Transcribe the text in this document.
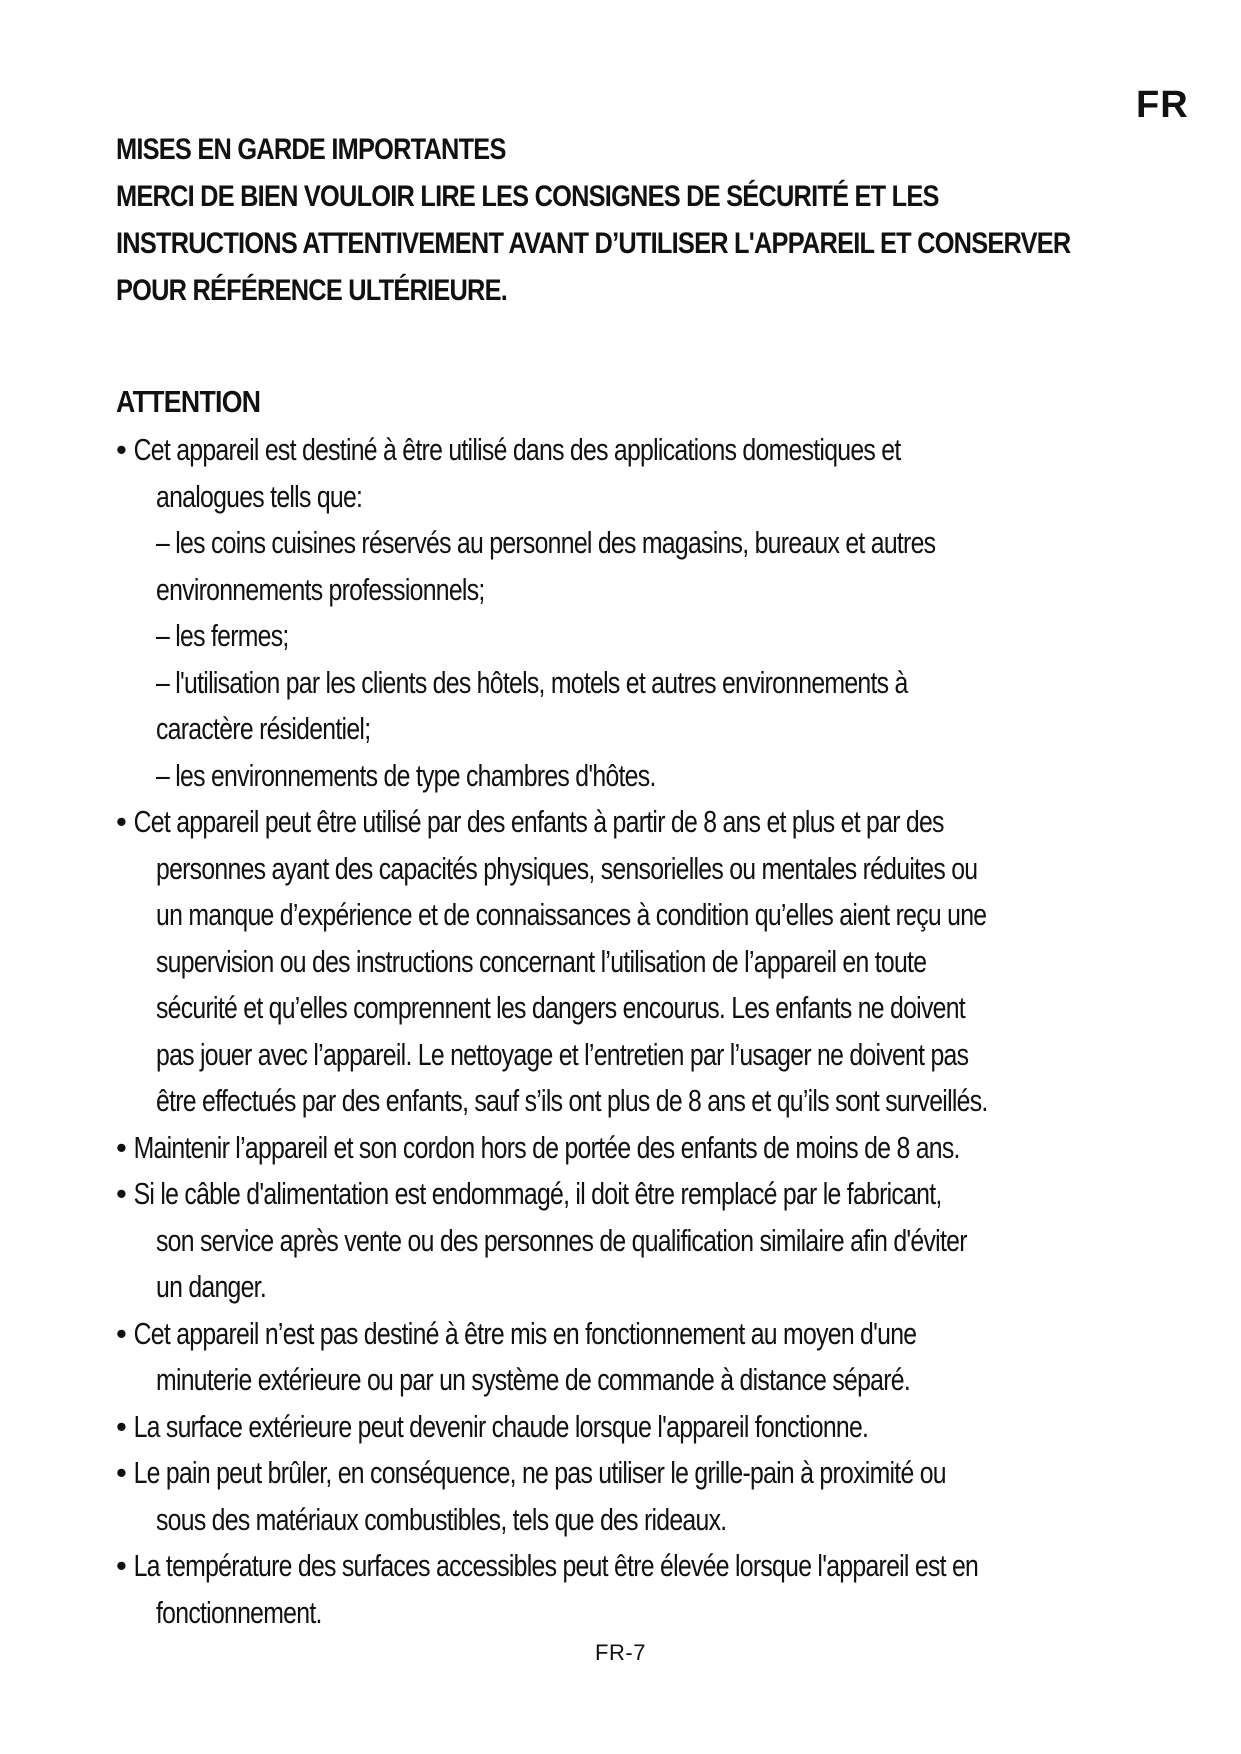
FR
MISES EN GARDE IMPORTANTES
MERCI DE BIEN VOULOIR LIRE LES CONSIGNES DE SÉCURITÉ ET LES
INSTRUCTIONS ATTENTIVEMENT AVANT D’UTILISER L'APPAREIL ET CONSERVER
POUR RÉFÉRENCE ULTÉRIEURE.
ATTENTION
• Cet appareil est destiné à être utilisé dans des applications domestiques et
analogues tells que:
– les coins cuisines réservés au personnel des magasins, bureaux et autres
environnements professionnels;
– les fermes;
– l'utilisation par les clients des hôtels, motels et autres environnements à
caractère résidentiel;
– les environnements de type chambres d'hôtes.
• Cet appareil peut être utilisé par des enfants à partir de 8 ans et plus et par des
personnes ayant des capacités physiques, sensorielles ou mentales réduites ou
un manque d’expérience et de connaissances à condition qu’elles aient reçu une
supervision ou des instructions concernant l’utilisation de l’appareil en toute
sécurité et qu’elles comprennent les dangers encourus. Les enfants ne doivent
pas jouer avec l’appareil. Le nettoyage et l’entretien par l’usager ne doivent pas
être effectués par des enfants, sauf s’ils ont plus de 8 ans et qu’ils sont surveillés.
• Maintenir l’appareil et son cordon hors de portée des enfants de moins de 8 ans.
• Si le câble d'alimentation est endommagé, il doit être remplacé par le fabricant,
son service après vente ou des personnes de qualification similaire afin d'éviter
un danger.
• Cet appareil n’est pas destiné à être mis en fonctionnement au moyen d'une
minuterie extérieure ou par un système de commande à distance séparé.
• La surface extérieure peut devenir chaude lorsque l'appareil fonctionne.
• Le pain peut brûler, en conséquence, ne pas utiliser le grille-pain à proximité ou
sous des matériaux combustibles, tels que des rideaux.
• La température des surfaces accessibles peut être élevée lorsque l'appareil est en
fonctionnement.
FR-7
